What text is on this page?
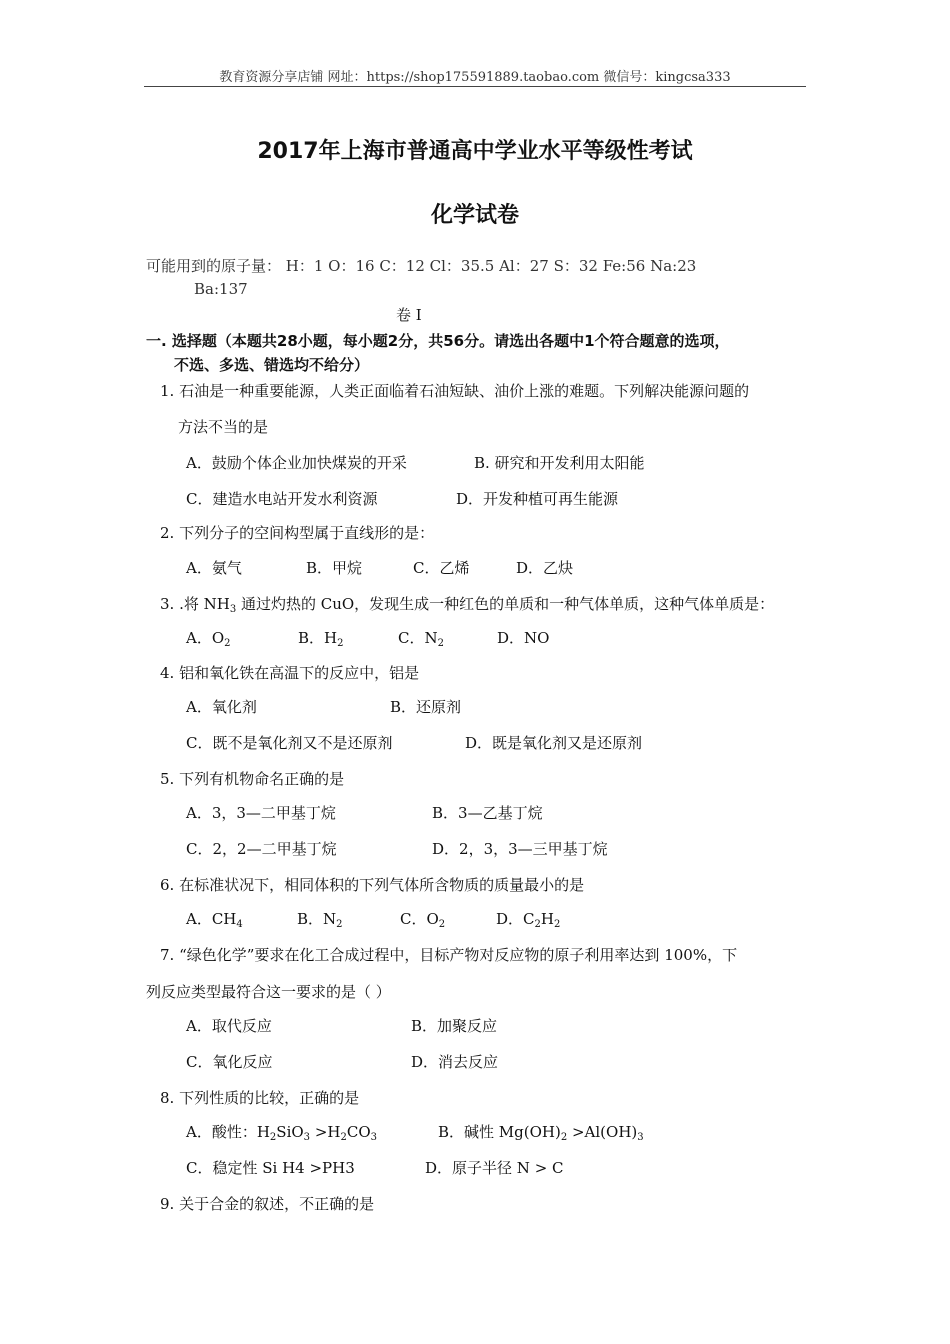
教育资源分享店铺 网址：https://shop175591889.taobao.com 微信号：kingcsa333
2017年上海市普通高中学业水平等级性考试
化学试卷
可能用到的原子量： H：1 O：16 C：12 Cl：35.5 Al：27 S：32 Fe:56 Na:23
Ba:137
卷 I
一. 选择题（本题共28小题，每小题2分，共56分。请选出各题中1个符合题意的选项，
不选、多选、错选均不给分）
1. 石油是一种重要能源，人类正面临着石油短缺、油价上涨的难题。下列解决能源问题的
方法不当的是
A．鼓励个体企业加快煤炭的开采	B. 研究和开发利用太阳能
C．建造水电站开发水利资源	D．开发种植可再生能源
2. 下列分子的空间构型属于直线形的是：
A．氨气	B．甲烷	C．乙烯	D．乙炔
3. .将 $NH_3$ 通过灼热的 CuO，发现生成一种红色的单质和一种气体单质，这种气体单质是：
A．$O_2$	B．$H_2$	C．$N_2$	D．NO
4. 铝和氧化铁在高温下的反应中，铝是
A．氧化剂	B．还原剂
C．既不是氧化剂又不是还原剂	D．既是氧化剂又是还原剂
5. 下列有机物命名正确的是
A．3，3—二甲基丁烷	B．3—乙基丁烷
C．2，2—二甲基丁烷	D．2，3，3—三甲基丁烷
6. 在标准状况下，相同体积的下列气体所含物质的质量最小的是
A．$CH_4$	B．$N_2$	C．$O_2$	D．$C_2H_2$
7. “绿色化学”要求在化工合成过程中，目标产物对反应物的原子利用率达到 100%，下
列反应类型最符合这一要求的是（ ）
A．取代反应	B．加聚反应
C．氧化反应	D．消去反应
8. 下列性质的比较，正确的是
A．酸性：$H_2SiO_3 >H_2CO_3$	B．碱性 $Mg(OH)_2 >Al(OH)_3$
C．稳定性 Si H4 >PH3	D．原子半径 N > C
9. 关于合金的叙述，不正确的是
